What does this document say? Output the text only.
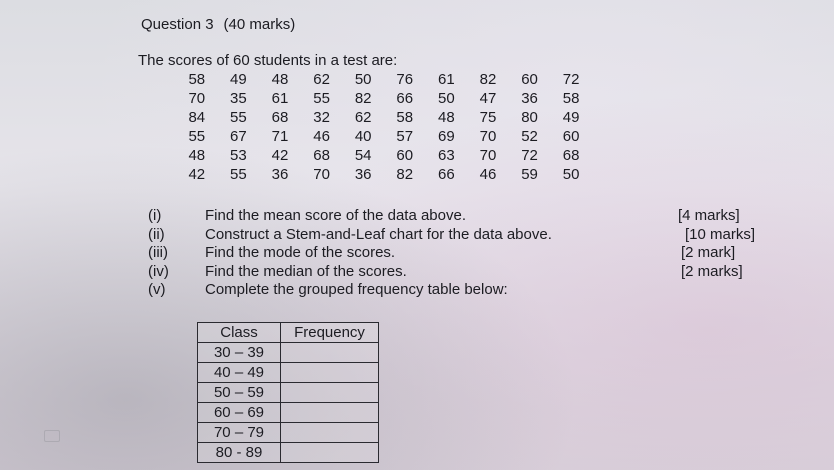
Question 3 (40 marks)
The scores of 60 students in a test are:
58	49	48	62	50	76	61	82	60	72
70	35	61	55	82	66	50	47	36	58
84	55	68	32	62	58	48	75	80	49
55	67	71	46	40	57	69	70	52	60
48	53	42	68	54	60	63	70	72	68
42	55	36	70	36	82	66	46	59	50
(i)	Find the mean score of the data above.	[4 marks]
(ii)	Construct a Stem-and-Leaf chart for the data above.	[10 marks]
(iii)	Find the mode of the scores.	[2 mark]
(iv)	Find the median of the scores.	[2 marks]
(v)	Complete the grouped frequency table below:
Class	Frequency
30 – 39	
40 – 49	
50 – 59	
60 – 69	
70 – 79	
80 - 89	
